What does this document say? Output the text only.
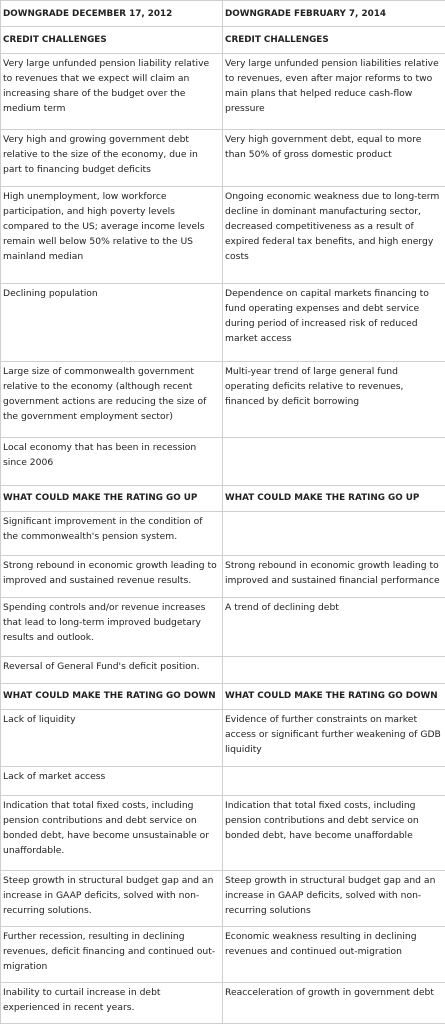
DOWNGRADE DECEMBER 17, 2012	DOWNGRADE FEBRUARY 7, 2014
CREDIT CHALLENGES	CREDIT CHALLENGES
Very large unfunded pension liability relative to revenues that we expect will claim an increasing share of the budget over the medium term	Very large unfunded pension liabilities relative to revenues, even after major reforms to two main plans that helped reduce cash-flow pressure
Very high and growing government debt relative to the size of the economy, due in part to financing budget deficits	Very high government debt, equal to more than 50% of gross domestic product
High unemployment, low workforce participation, and high poverty levels compared to the US; average income levels remain well below 50% relative to the US mainland median	Ongoing economic weakness due to long-term decline in dominant manufacturing sector, decreased competitiveness as a result of expired federal tax benefits, and high energy costs
Declining population	Dependence on capital markets financing to fund operating expenses and debt service during period of increased risk of reduced market access
Large size of commonwealth government relative to the economy (although recent government actions are reducing the size of the government employment sector)	Multi-year trend of large general fund operating deficits relative to revenues, financed by deficit borrowing
Local economy that has been in recession since 2006	
WHAT COULD MAKE THE RATING GO UP	WHAT COULD MAKE THE RATING GO UP
Significant improvement in the condition of the commonwealth's pension system.	
Strong rebound in economic growth leading to improved and sustained revenue results.	Strong rebound in economic growth leading to improved and sustained financial performance
Spending controls and/or revenue increases that lead to long-term improved budgetary results and outlook.	A trend of declining debt
Reversal of General Fund's deficit position.	
WHAT COULD MAKE THE RATING GO DOWN	WHAT COULD MAKE THE RATING GO DOWN
Lack of liquidity	Evidence of further constraints on market access or significant further weakening of GDB liquidity
Lack of market access	
Indication that total fixed costs, including pension contributions and debt service on bonded debt, have become unsustainable or unaffordable.	Indication that total fixed costs, including pension contributions and debt service on bonded debt, have become unaffordable
Steep growth in structural budget gap and an increase in GAAP deficits, solved with non-recurring solutions.	Steep growth in structural budget gap and an increase in GAAP deficits, solved with non-recurring solutions
Further recession, resulting in declining revenues, deficit financing and continued out-migration	Economic weakness resulting in declining revenues and continued out-migration
Inability to curtail increase in debt experienced in recent years.	Reacceleration of growth in government debt
